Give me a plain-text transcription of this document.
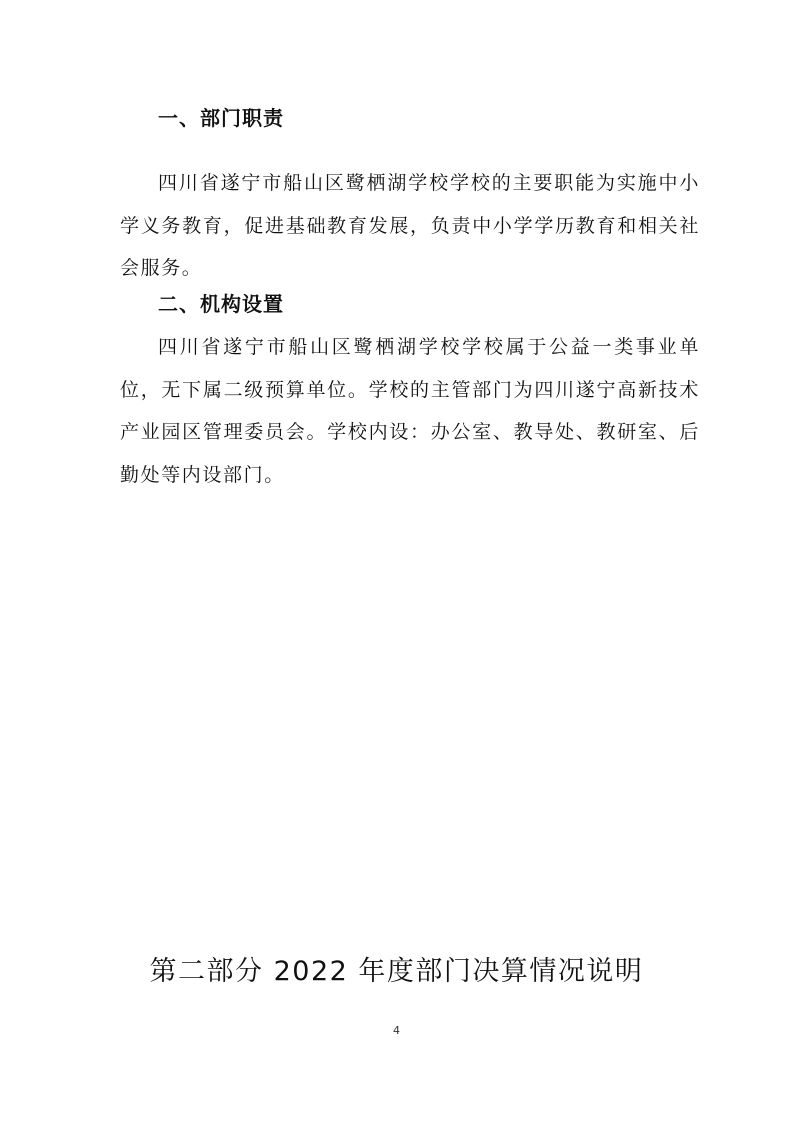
一、部门职责

四川省遂宁市船山区鹭栖湖学校学校的主要职能为实施中小学义务教育，促进基础教育发展，负责中小学学历教育和相关社会服务。

二、机构设置

四川省遂宁市船山区鹭栖湖学校学校属于公益一类事业单位，无下属二级预算单位。学校的主管部门为四川遂宁高新技术产业园区管理委员会。学校内设：办公室、教导处、教研室、后勤处等内设部门。

第二部分 2022 年度部门决算情况说明
4
